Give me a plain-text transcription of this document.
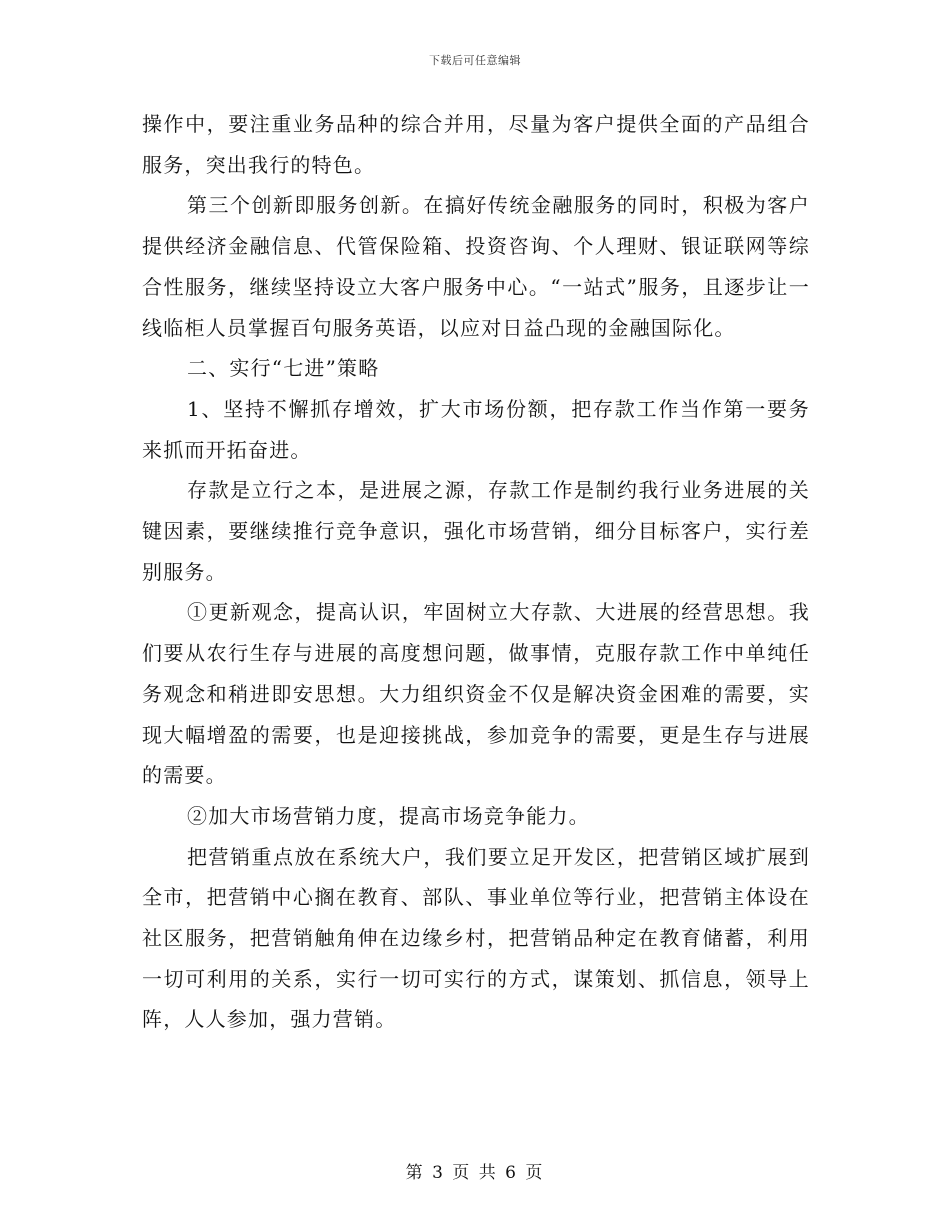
下载后可任意编辑

操作中，要注重业务品种的综合并用，尽量为客户提供全面的产品组合服务，突出我行的特色。

第三个创新即服务创新。在搞好传统金融服务的同时，积极为客户提供经济金融信息、代管保险箱、投资咨询、个人理财、银证联网等综合性服务，继续坚持设立大客户服务中心。“一站式”服务，且逐步让一线临柜人员掌握百句服务英语，以应对日益凸现的金融国际化。

二、实行“七进”策略

1、坚持不懈抓存增效，扩大市场份额，把存款工作当作第一要务来抓而开拓奋进。

存款是立行之本，是进展之源，存款工作是制约我行业务进展的关键因素，要继续推行竞争意识，强化市场营销，细分目标客户，实行差别服务。

①更新观念，提高认识，牢固树立大存款、大进展的经营思想。我们要从农行生存与进展的高度想问题，做事情，克服存款工作中单纯任务观念和稍进即安思想。大力组织资金不仅是解决资金困难的需要，实现大幅增盈的需要，也是迎接挑战，参加竞争的需要，更是生存与进展的需要。

②加大市场营销力度，提高市场竞争能力。

把营销重点放在系统大户，我们要立足开发区，把营销区域扩展到全市，把营销中心搁在教育、部队、事业单位等行业，把营销主体设在社区服务，把营销触角伸在边缘乡村，把营销品种定在教育储蓄，利用一切可利用的关系，实行一切可实行的方式，谋策划、抓信息，领导上阵，人人参加，强力营销。

第 3 页 共 6 页
